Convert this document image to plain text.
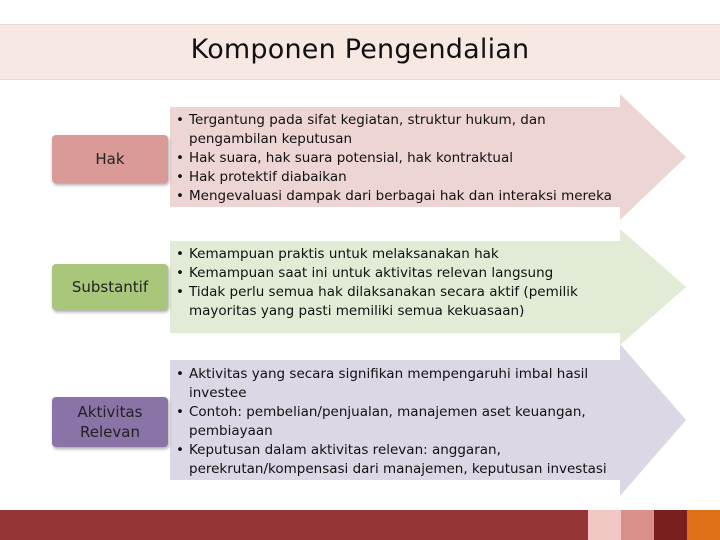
Komponen Pengendalian
Hak
• Tergantung pada sifat kegiatan, struktur hukum, dan pengambilan keputusan
• Hak suara, hak suara potensial, hak kontraktual
• Hak protektif diabaikan
• Mengevaluasi dampak dari berbagai hak dan interaksi mereka
Substantif
• Kemampuan praktis untuk melaksanakan hak
• Kemampuan saat ini untuk aktivitas relevan langsung
• Tidak perlu semua hak dilaksanakan secara aktif (pemilik mayoritas yang pasti memiliki semua kekuasaan)
Aktivitas Relevan
• Aktivitas yang secara signifikan mempengaruhi imbal hasil investee
• Contoh: pembelian/penjualan, manajemen aset keuangan, pembiayaan
• Keputusan dalam aktivitas relevan: anggaran, perekrutan/kompensasi dari manajemen, keputusan investasi
